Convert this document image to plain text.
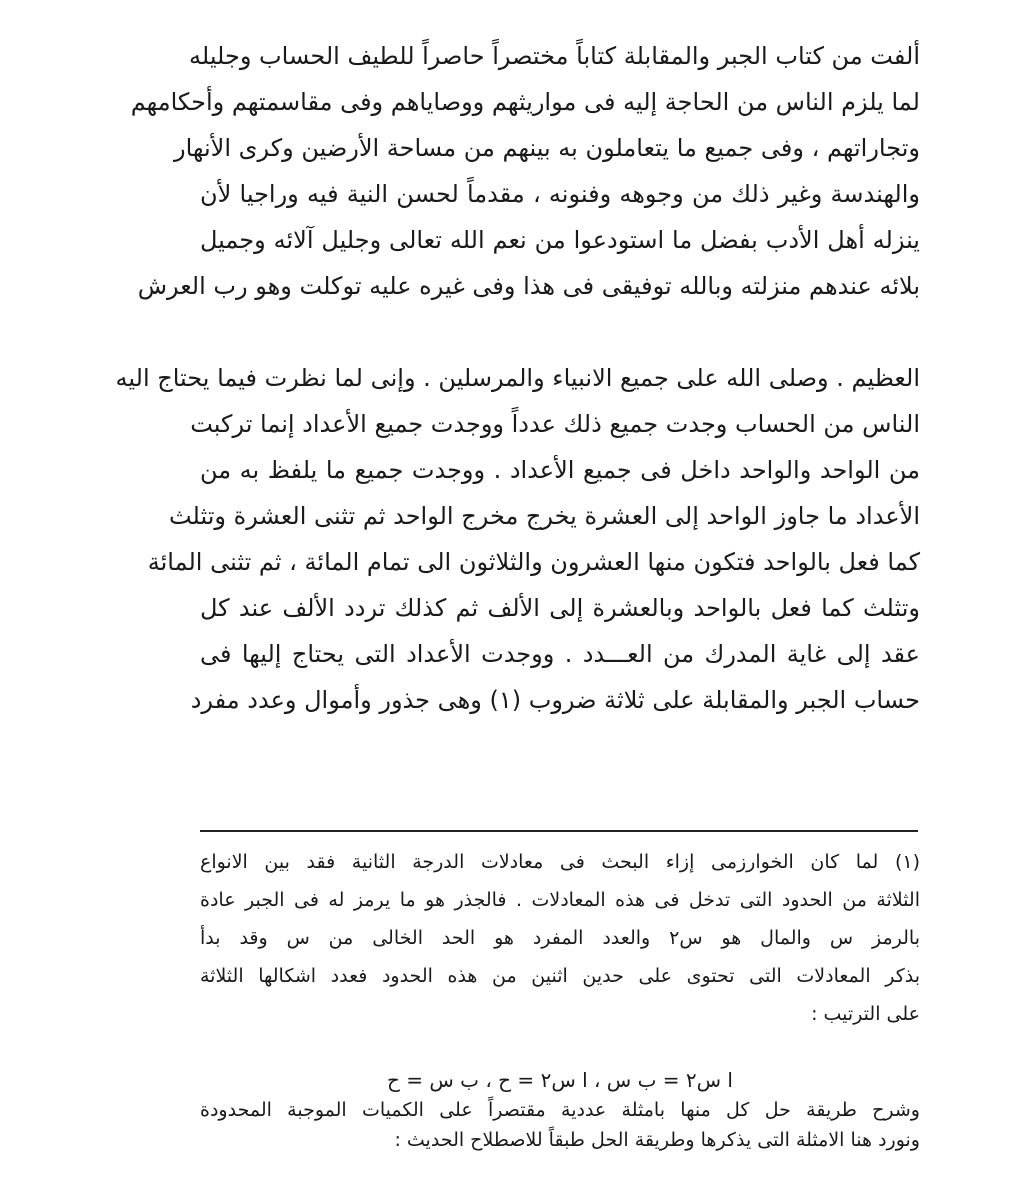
ألفت من كتاب الجبر والمقابلة كتاباً مختصراً حاصراً للطيف الحساب وجليله
لما يلزم الناس من الحاجة إليه فى مواريثهم ووصاياهم وفى مقاسمتهم وأحكامهم
وتجاراتهم ، وفى جميع ما يتعاملون به بينهم من مساحة الأرضين وكرى الأنهار
والهندسة وغير ذلك من وجوهه وفنونه ، مقدماً لحسن النية فيه وراجيا لأن
ينزله أهل الأدب بفضل ما استودعوا من نعم الله تعالى وجليل آلائه وجميل
بلائه عندهم منزلته وبالله توفيقى فى هذا وفى غيره عليه توكلت وهو رب العرش
العظيم . وصلى الله على جميع الانبياء والمرسلين . وإنى لما نظرت فيما يحتاج اليه
الناس من الحساب وجدت جميع ذلك عدداً ووجدت جميع الأعداد إنما تركبت
من الواحد والواحد داخل فى جميع الأعداد . ووجدت جميع ما يلفظ به من
الأعداد ما جاوز الواحد إلى العشرة يخرج مخرج الواحد ثم تثنى العشرة وتثلث
كما فعل بالواحد فتكون منها العشرون والثلاثون الى تمام المائة ، ثم تثنى المائة
وتثلث كما فعل بالواحد وبالعشرة إلى الألف ثم كذلك تردد الألف عند كل
عقد إلى غاية المدرك من العـــدد . ووجدت الأعداد التى يحتاج إليها فى
حساب الجبر والمقابلة على ثلاثة ضروب (١) وهى جذور وأموال وعدد مفرد
(١) لما كان الخوارزمى إزاء البحث فى معادلات الدرجة الثانية فقد بين الانواع
الثلاثة من الحدود التى تدخل فى هذه المعادلات . فالجذر هو ما يرمز له فى الجبر عادة
بالرمز س والمال هو س٢ والعدد المفرد هو الحد الخالى من س وقد بدأ
بذكر المعادلات التى تحتوى على حدين اثنين من هذه الحدود فعدد اشكالها الثلاثة
على الترتيب :
ا س٢ = ب س ، ا س٢ = ح ، ب س = ح
وشرح طريقة حل كل منها بامثلة عددية مقتصراً على الكميات الموجبة المحدودة
ونورد هنا الامثلة التى يذكرها وطريقة الحل طبقاً للاصطلاح الحديث :
